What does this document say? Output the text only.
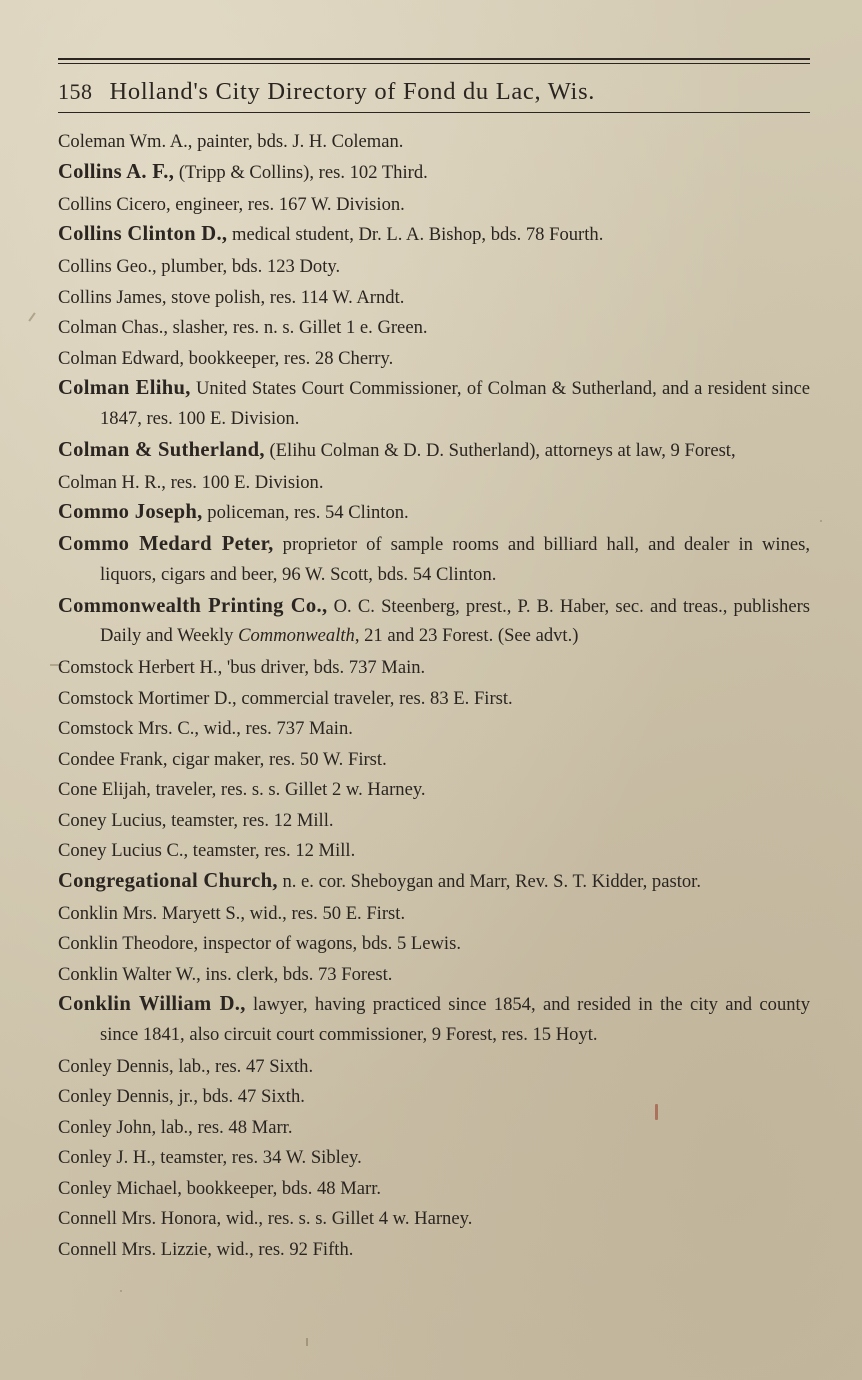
158 Holland's City Directory of Fond du Lac, Wis.

Coleman Wm. A., painter, bds. J. H. Coleman.

Collins A. F., (Tripp & Collins), res. 102 Third.

Collins Cicero, engineer, res. 167 W. Division.

Collins Clinton D., medical student, Dr. L. A. Bishop, bds. 78 Fourth.

Collins Geo., plumber, bds. 123 Doty.

Collins James, stove polish, res. 114 W. Arndt.

Colman Chas., slasher, res. n. s. Gillet 1 e. Green.

Colman Edward, bookkeeper, res. 28 Cherry.

Colman Elihu, United States Court Commissioner, of Colman & Sutherland, and a resident since 1847, res. 100 E. Division.

Colman & Sutherland, (Elihu Colman & D. D. Sutherland), attorneys at law, 9 Forest,

Colman H. R., res. 100 E. Division.

Commo Joseph, policeman, res. 54 Clinton.

Commo Medard Peter, proprietor of sample rooms and billiard hall, and dealer in wines, liquors, cigars and beer, 96 W. Scott, bds. 54 Clinton.

Commonwealth Printing Co., O. C. Steenberg, prest., P. B. Haber, sec. and treas., publishers Daily and Weekly Commonwealth, 21 and 23 Forest. (See advt.)

Comstock Herbert H., 'bus driver, bds. 737 Main.

Comstock Mortimer D., commercial traveler, res. 83 E. First.

Comstock Mrs. C., wid., res. 737 Main.

Condee Frank, cigar maker, res. 50 W. First.

Cone Elijah, traveler, res. s. s. Gillet 2 w. Harney.

Coney Lucius, teamster, res. 12 Mill.

Coney Lucius C., teamster, res. 12 Mill.

Congregational Church, n. e. cor. Sheboygan and Marr, Rev. S. T. Kidder, pastor.

Conklin Mrs. Maryett S., wid., res. 50 E. First.

Conklin Theodore, inspector of wagons, bds. 5 Lewis.

Conklin Walter W., ins. clerk, bds. 73 Forest.

Conklin William D., lawyer, having practiced since 1854, and resided in the city and county since 1841, also circuit court commissioner, 9 Forest, res. 15 Hoyt.

Conley Dennis, lab., res. 47 Sixth.

Conley Dennis, jr., bds. 47 Sixth.

Conley John, lab., res. 48 Marr.

Conley J. H., teamster, res. 34 W. Sibley.

Conley Michael, bookkeeper, bds. 48 Marr.

Connell Mrs. Honora, wid., res. s. s. Gillet 4 w. Harney.

Connell Mrs. Lizzie, wid., res. 92 Fifth.
